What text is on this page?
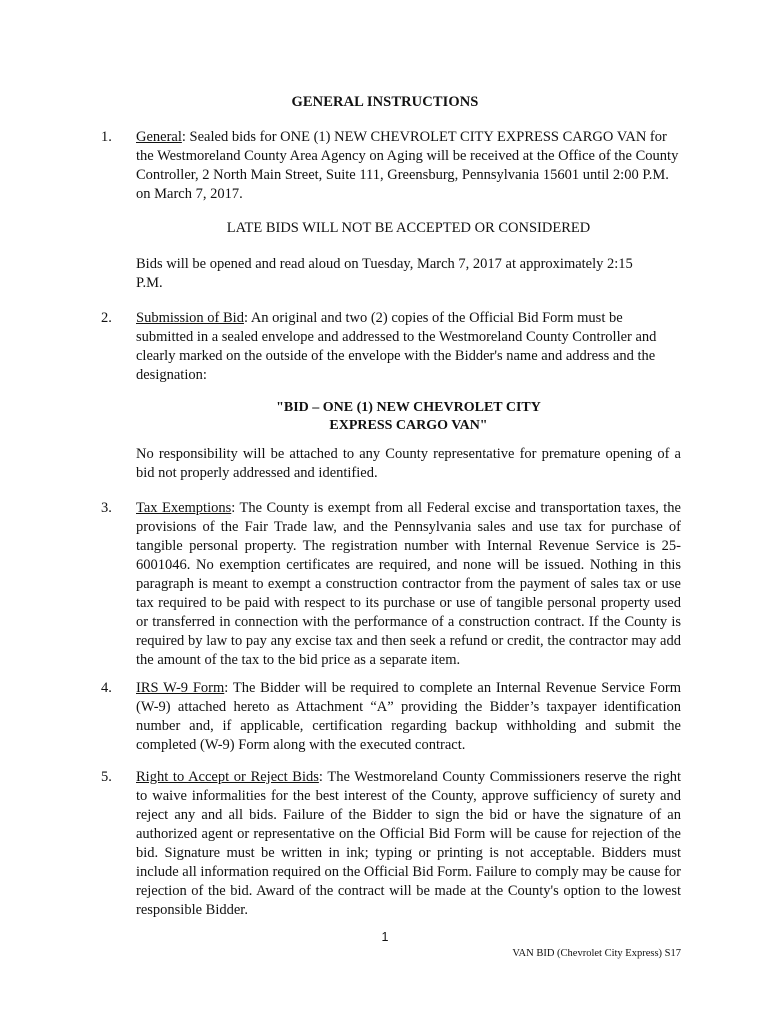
GENERAL INSTRUCTIONS
1. General: Sealed bids for ONE (1) NEW CHEVROLET CITY EXPRESS CARGO VAN for the Westmoreland County Area Agency on Aging will be received at the Office of the County Controller, 2 North Main Street, Suite 111, Greensburg, Pennsylvania 15601 until 2:00 P.M. on March 7, 2017.
LATE BIDS WILL NOT BE ACCEPTED OR CONSIDERED
Bids will be opened and read aloud on Tuesday, March 7, 2017 at approximately 2:15 P.M.
2. Submission of Bid: An original and two (2) copies of the Official Bid Form must be submitted in a sealed envelope and addressed to the Westmoreland County Controller and clearly marked on the outside of the envelope with the Bidder's name and address and the designation:
"BID – ONE (1) NEW CHEVROLET CITY
EXPRESS CARGO VAN"
No responsibility will be attached to any County representative for premature opening of a bid not properly addressed and identified.
3. Tax Exemptions: The County is exempt from all Federal excise and transportation taxes, the provisions of the Fair Trade law, and the Pennsylvania sales and use tax for purchase of tangible personal property. The registration number with Internal Revenue Service is 25-6001046. No exemption certificates are required, and none will be issued. Nothing in this paragraph is meant to exempt a construction contractor from the payment of sales tax or use tax required to be paid with respect to its purchase or use of tangible personal property used or transferred in connection with the performance of a construction contract. If the County is required by law to pay any excise tax and then seek a refund or credit, the contractor may add the amount of the tax to the bid price as a separate item.
4. IRS W-9 Form: The Bidder will be required to complete an Internal Revenue Service Form (W-9) attached hereto as Attachment “A” providing the Bidder’s taxpayer identification number and, if applicable, certification regarding backup withholding and submit the completed (W-9) Form along with the executed contract.
5. Right to Accept or Reject Bids: The Westmoreland County Commissioners reserve the right to waive informalities for the best interest of the County, approve sufficiency of surety and reject any and all bids. Failure of the Bidder to sign the bid or have the signature of an authorized agent or representative on the Official Bid Form will be cause for rejection of the bid. Signature must be written in ink; typing or printing is not acceptable. Bidders must include all information required on the Official Bid Form. Failure to comply may be cause for rejection of the bid. Award of the contract will be made at the County's option to the lowest responsible Bidder.
1
VAN BID (Chevrolet City Express) S17
